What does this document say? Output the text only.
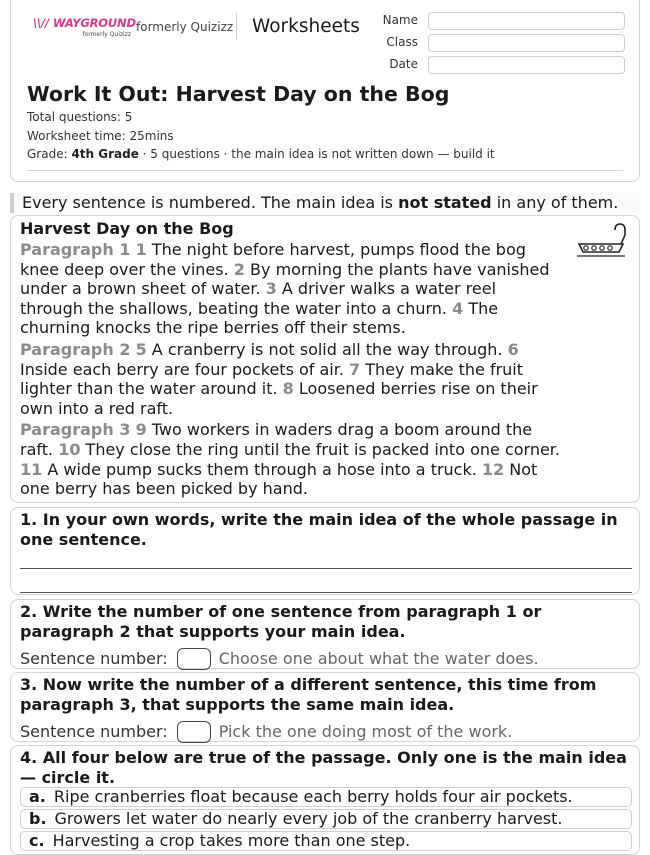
\\// WAYGROUND
formerly Quizizz
formerly Quizizz Worksheets	Name
Class
Date
Work It Out: Harvest Day on the Bog
Total questions: 5
Worksheet time: 25mins
Grade: 4th Grade · 5 questions · the main idea is not written down — build it
Every sentence is numbered. The main idea is not stated in any of them.
Harvest Day on the Bog
Paragraph 1 1 The night before harvest, pumps flood the bog knee deep over the vines. 2 By morning the plants have vanished under a brown sheet of water. 3 A driver walks a water reel through the shallows, beating the water into a churn. 4 The churning knocks the ripe berries off their stems.
Paragraph 2 5 A cranberry is not solid all the way through. 6 Inside each berry are four pockets of air. 7 They make the fruit lighter than the water around it. 8 Loosened berries rise on their own into a red raft.
Paragraph 3 9 Two workers in waders drag a boom around the raft. 10 They close the ring until the fruit is packed into one corner. 11 A wide pump sucks them through a hose into a truck. 12 Not one berry has been picked by hand.
1. In your own words, write the main idea of the whole passage in one sentence.
2. Write the number of one sentence from paragraph 1 or paragraph 2 that supports your main idea.
Sentence number:	Choose one about what the water does.
3. Now write the number of a different sentence, this time from paragraph 3, that supports the same main idea.
Sentence number:	Pick the one doing most of the work.
4. All four below are true of the passage. Only one is the main idea — circle it.
a. Ripe cranberries float because each berry holds four air pockets.
b. Growers let water do nearly every job of the cranberry harvest.
c. Harvesting a crop takes more than one step.
